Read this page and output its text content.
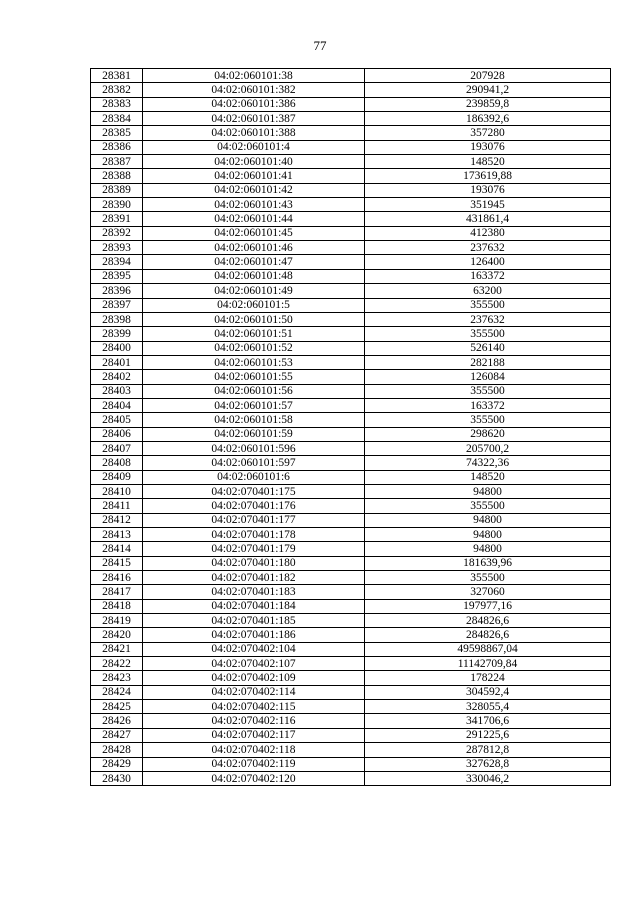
77
28381	04:02:060101:38	207928
28382	04:02:060101:382	290941,2
28383	04:02:060101:386	239859,8
28384	04:02:060101:387	186392,6
28385	04:02:060101:388	357280
28386	04:02:060101:4	193076
28387	04:02:060101:40	148520
28388	04:02:060101:41	173619,88
28389	04:02:060101:42	193076
28390	04:02:060101:43	351945
28391	04:02:060101:44	431861,4
28392	04:02:060101:45	412380
28393	04:02:060101:46	237632
28394	04:02:060101:47	126400
28395	04:02:060101:48	163372
28396	04:02:060101:49	63200
28397	04:02:060101:5	355500
28398	04:02:060101:50	237632
28399	04:02:060101:51	355500
28400	04:02:060101:52	526140
28401	04:02:060101:53	282188
28402	04:02:060101:55	126084
28403	04:02:060101:56	355500
28404	04:02:060101:57	163372
28405	04:02:060101:58	355500
28406	04:02:060101:59	298620
28407	04:02:060101:596	205700,2
28408	04:02:060101:597	74322,36
28409	04:02:060101:6	148520
28410	04:02:070401:175	94800
28411	04:02:070401:176	355500
28412	04:02:070401:177	94800
28413	04:02:070401:178	94800
28414	04:02:070401:179	94800
28415	04:02:070401:180	181639,96
28416	04:02:070401:182	355500
28417	04:02:070401:183	327060
28418	04:02:070401:184	197977,16
28419	04:02:070401:185	284826,6
28420	04:02:070401:186	284826,6
28421	04:02:070402:104	49598867,04
28422	04:02:070402:107	11142709,84
28423	04:02:070402:109	178224
28424	04:02:070402:114	304592,4
28425	04:02:070402:115	328055,4
28426	04:02:070402:116	341706,6
28427	04:02:070402:117	291225,6
28428	04:02:070402:118	287812,8
28429	04:02:070402:119	327628,8
28430	04:02:070402:120	330046,2
